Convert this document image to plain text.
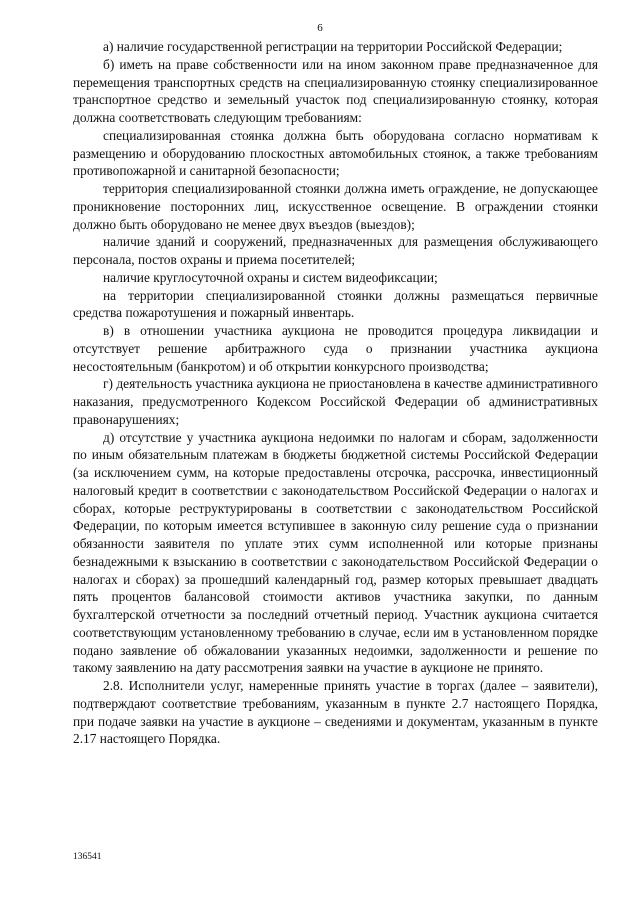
6

а) наличие государственной регистрации на территории Российской Федерации;

б) иметь на праве собственности или на ином законном праве предназначенное для перемещения транспортных средств на специализированную стоянку специализированное транспортное средство и земельный участок под специализированную стоянку, которая должна соответствовать следующим требованиям:

специализированная стоянка должна быть оборудована согласно нормативам к размещению и оборудованию плоскостных автомобильных стоянок, а также требованиям противопожарной и санитарной безопасности;

территория специализированной стоянки должна иметь ограждение, не допускающее проникновение посторонних лиц, искусственное освещение. В ограждении стоянки должно быть оборудовано не менее двух въездов (выездов);

наличие зданий и сооружений, предназначенных для размещения обслуживающего персонала, постов охраны и приема посетителей;

наличие круглосуточной охраны и систем видеофиксации;

на территории специализированной стоянки должны размещаться первичные средства пожаротушения и пожарный инвентарь.

в) в отношении участника аукциона не проводится процедура ликвидации и отсутствует решение арбитражного суда о признании участника аукциона несостоятельным (банкротом) и об открытии конкурсного производства;

г) деятельность участника аукциона не приостановлена в качестве административного наказания, предусмотренного Кодексом Российской Федерации об административных правонарушениях;

д) отсутствие у участника аукциона недоимки по налогам и сборам, задолженности по иным обязательным платежам в бюджеты бюджетной системы Российской Федерации (за исключением сумм, на которые предоставлены отсрочка, рассрочка, инвестиционный налоговый кредит в соответствии с законодательством Российской Федерации о налогах и сборах, которые реструктурированы в соответствии с законодательством Российской Федерации, по которым имеется вступившее в законную силу решение суда о признании обязанности заявителя по уплате этих сумм исполненной или которые признаны безнадежными к взысканию в соответствии с законодательством Российской Федерации о налогах и сборах) за прошедший календарный год, размер которых превышает двадцать пять процентов балансовой стоимости активов участника закупки, по данным бухгалтерской отчетности за последний отчетный период. Участник аукциона считается соответствующим установленному требованию в случае, если им в установленном порядке подано заявление об обжаловании указанных недоимки, задолженности и решение по такому заявлению на дату рассмотрения заявки на участие в аукционе не принято.

2.8. Исполнители услуг, намеренные принять участие в торгах (далее – заявители), подтверждают соответствие требованиям, указанным в пункте 2.7 настоящего Порядка, при подаче заявки на участие в аукционе – сведениями и документам, указанным в пункте 2.17 настоящего Порядка.

136541
